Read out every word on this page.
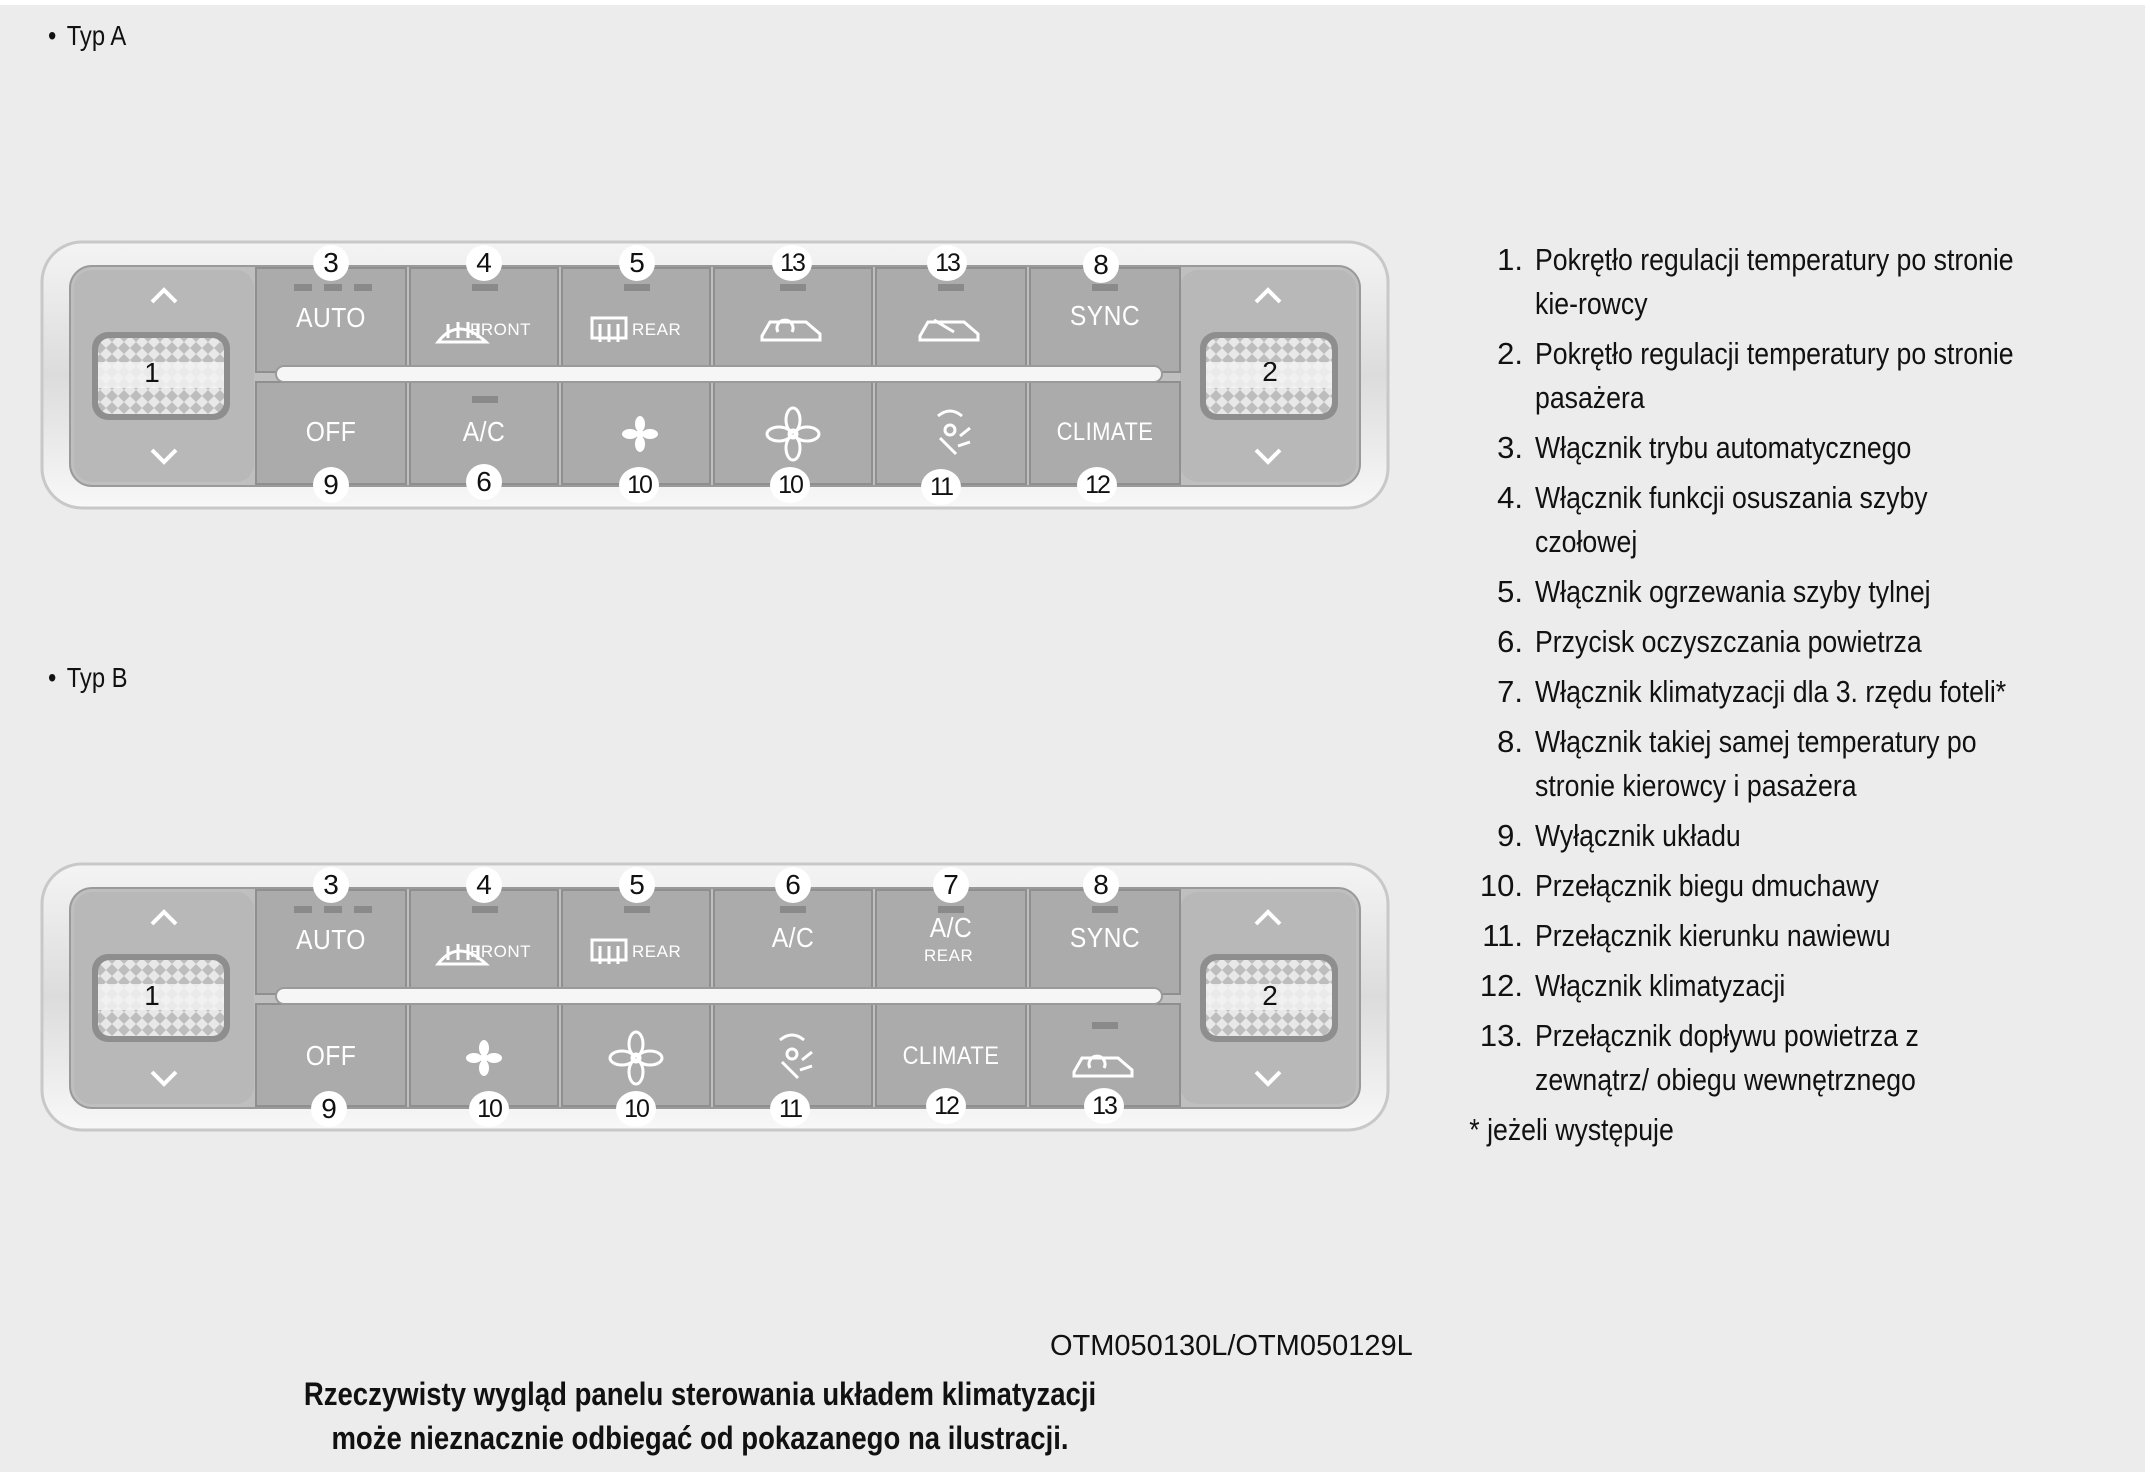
• Typ A
AUTO	FRONT	REAR	SYNC
OFF	A/C	CLIMATE
3	4	5	13	13	8
9	6	10	10	11	12
1	2
• Typ B
AUTO	FRONT	REAR	A/C	A/C
REAR
SYNC
OFF	CLIMATE
3	4	5	6	7	8
9	10	10	11	12	13
1	2
1. Pokrętło regulacji temperatury po stronie kie-rowcy
2. Pokrętło regulacji temperatury po stronie pasażera
3. Włącznik trybu automatycznego
4. Włącznik funkcji osuszania szyby czołowej
5. Włącznik ogrzewania szyby tylnej
6. Przycisk oczyszczania powietrza
7. Włącznik klimatyzacji dla 3. rzędu foteli*
8. Włącznik takiej samej temperatury po stronie kierowcy i pasażera
9. Wyłącznik układu
10. Przełącznik biegu dmuchawy
11. Przełącznik kierunku nawiewu
12. Włącznik klimatyzacji
13. Przełącznik dopływu powietrza z zewnątrz/ obiegu wewnętrznego
* jeżeli występuje
OTM050130L/OTM050129L
Rzeczywisty wygląd panelu sterowania układem klimatyzacji
może nieznacznie odbiegać od pokazanego na ilustracji.
